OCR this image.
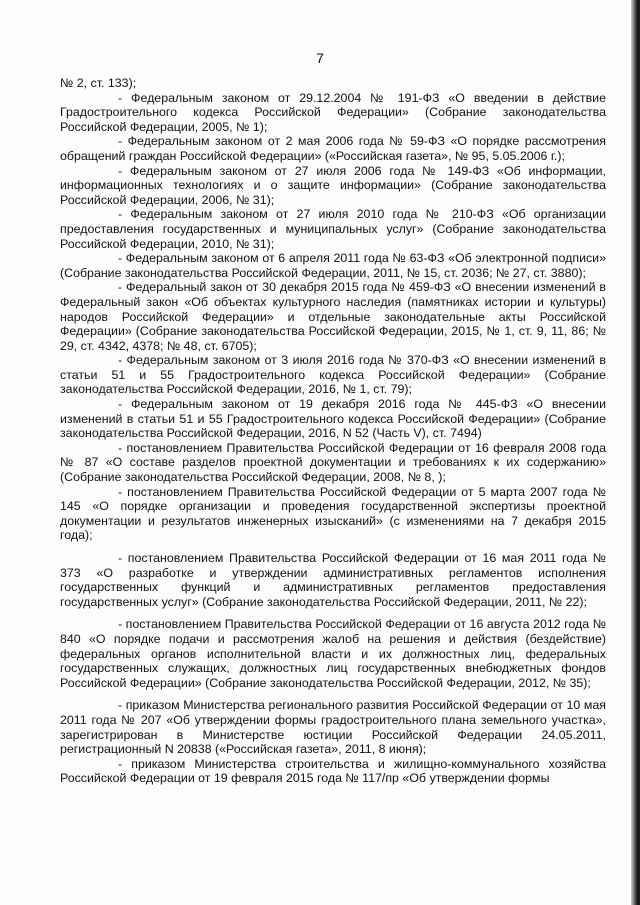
7

№ 2, ст. 133);

- Федеральным законом от 29.12.2004 № 191-ФЗ «О введении в действие Градостроительного кодекса Российской Федерации» (Собрание законодательства Российской Федерации, 2005, № 1);

- Федеральным законом от 2 мая 2006 года № 59-ФЗ «О порядке рассмотрения обращений граждан Российской Федерации» («Российская газета», № 95, 5.05.2006 г.);

- Федеральным законом от 27 июля 2006 года № 149-ФЗ «Об информации, информационных технологиях и о защите информации» (Собрание законодательства Российской Федерации, 2006, № 31);

- Федеральным законом от 27 июля 2010 года № 210-ФЗ «Об организации предоставления государственных и муниципальных услуг» (Собрание законодательства Российской Федерации, 2010, № 31);

- Федеральным законом от 6 апреля 2011 года № 63-ФЗ «Об электронной подписи» (Собрание законодательства Российской Федерации, 2011, № 15, ст. 2036; № 27, ст. 3880);

- Федеральный закон от 30 декабря 2015 года № 459-ФЗ «О внесении изменений в Федеральный закон «Об объектах культурного наследия (памятниках истории и культуры) народов Российской Федерации» и отдельные законодательные акты Российской Федерации» (Собрание законодательства Российской Федерации, 2015, № 1, ст. 9, 11, 86; № 29, ст. 4342, 4378; № 48, ст. 6705);

- Федеральным законом от 3 июля 2016 года № 370-ФЗ «О внесении изменений в статьи 51 и 55 Градостроительного кодекса Российской Федерации» (Собрание законодательства Российской Федерации, 2016, № 1, ст. 79);

- Федеральным законом от 19 декабря 2016 года № 445-ФЗ «О внесении изменений в статьи 51 и 55 Градостроительного кодекса Российской Федерации» (Собрание законодательства Российской Федерации, 2016, N 52 (Часть V), ст. 7494)

- постановлением Правительства Российской Федерации от 16 февраля 2008 года № 87 «О составе разделов проектной документации и требованиях к их содержанию» (Собрание законодательства Российской Федерации, 2008, № 8, );

- постановлением Правительства Российской Федерации от 5 марта 2007 года № 145 «О порядке организации и проведения государственной экспертизы проектной документации и результатов инженерных изысканий» (с изменениями на 7 декабря 2015 года);

- постановлением Правительства Российской Федерации от 16 мая 2011 года № 373 «О разработке и утверждении административных регламентов исполнения государственных функций и административных регламентов предоставления государственных услуг» (Собрание законодательства Российской Федерации, 2011, № 22);

- постановлением Правительства Российской Федерации от 16 августа 2012 года № 840 «О порядке подачи и рассмотрения жалоб на решения и действия (бездействие) федеральных органов исполнительной власти и их должностных лиц, федеральных государственных служащих, должностных лиц государственных внебюджетных фондов Российской Федерации» (Собрание законодательства Российской Федерации, 2012, № 35);

- приказом Министерства регионального развития Российской Федерации от 10 мая 2011 года № 207 «Об утверждении формы градостроительного плана земельного участка», зарегистрирован в Министерстве юстиции Российской Федерации 24.05.2011, регистрационный N 20838 («Российская газета», 2011, 8 июня);

- приказом Министерства строительства и жилищно-коммунального хозяйства Российской Федерации от 19 февраля 2015 года № 117/пр «Об утверждении формы
